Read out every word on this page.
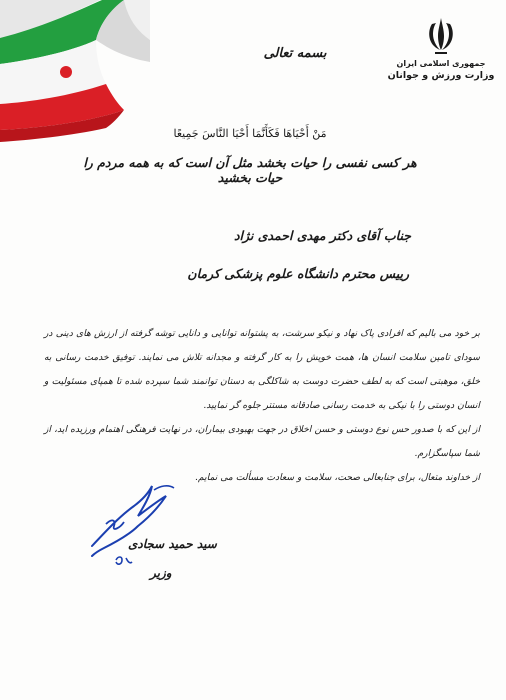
جمهوری اسلامی ایران
وزارت ورزش و جوانان
بسمه تعالی
مَنْ أَحْيَاهَا فَكَأَنَّمَا أَحْيَا النَّاسَ جَمِيعًا
هر کسی نفسی را حیات بخشد مثل آن است که به همه مردم را حیات بخشید
جناب آقای دکتر مهدی احمدی نژاد
رییس محترم دانشگاه علوم پزشکی کرمان

بر خود می بالیم که افرادی پاک نهاد و نیکو سرشت، به پشتوانه توانایی و دانایی توشه گرفته از ارزش های دینی در سودای تامین سلامت انسان ها، همت خویش را به کار گرفته و مجدانه تلاش می نمایند. توفیق خدمت رسانی به خلق، موهبتی است که به لطف حضرت دوست به شاکلگی به دستان توانمند شما سپرده شده تا همپای مسئولیت و انسان دوستی را با نیکی به خدمت رسانی صادقانه مستتر جلوه گر نمایید.

از این که با صدور حس نوع دوستی و حسن اخلاق در جهت بهبودی بیماران، در نهایت فرهنگی اهتمام ورزیده اید، از شما سپاسگزارم.

از خداوند متعال، برای جنابعالی صحت، سلامت و سعادت مسألت می نمایم.

سید حمید سجادی
وزیر
